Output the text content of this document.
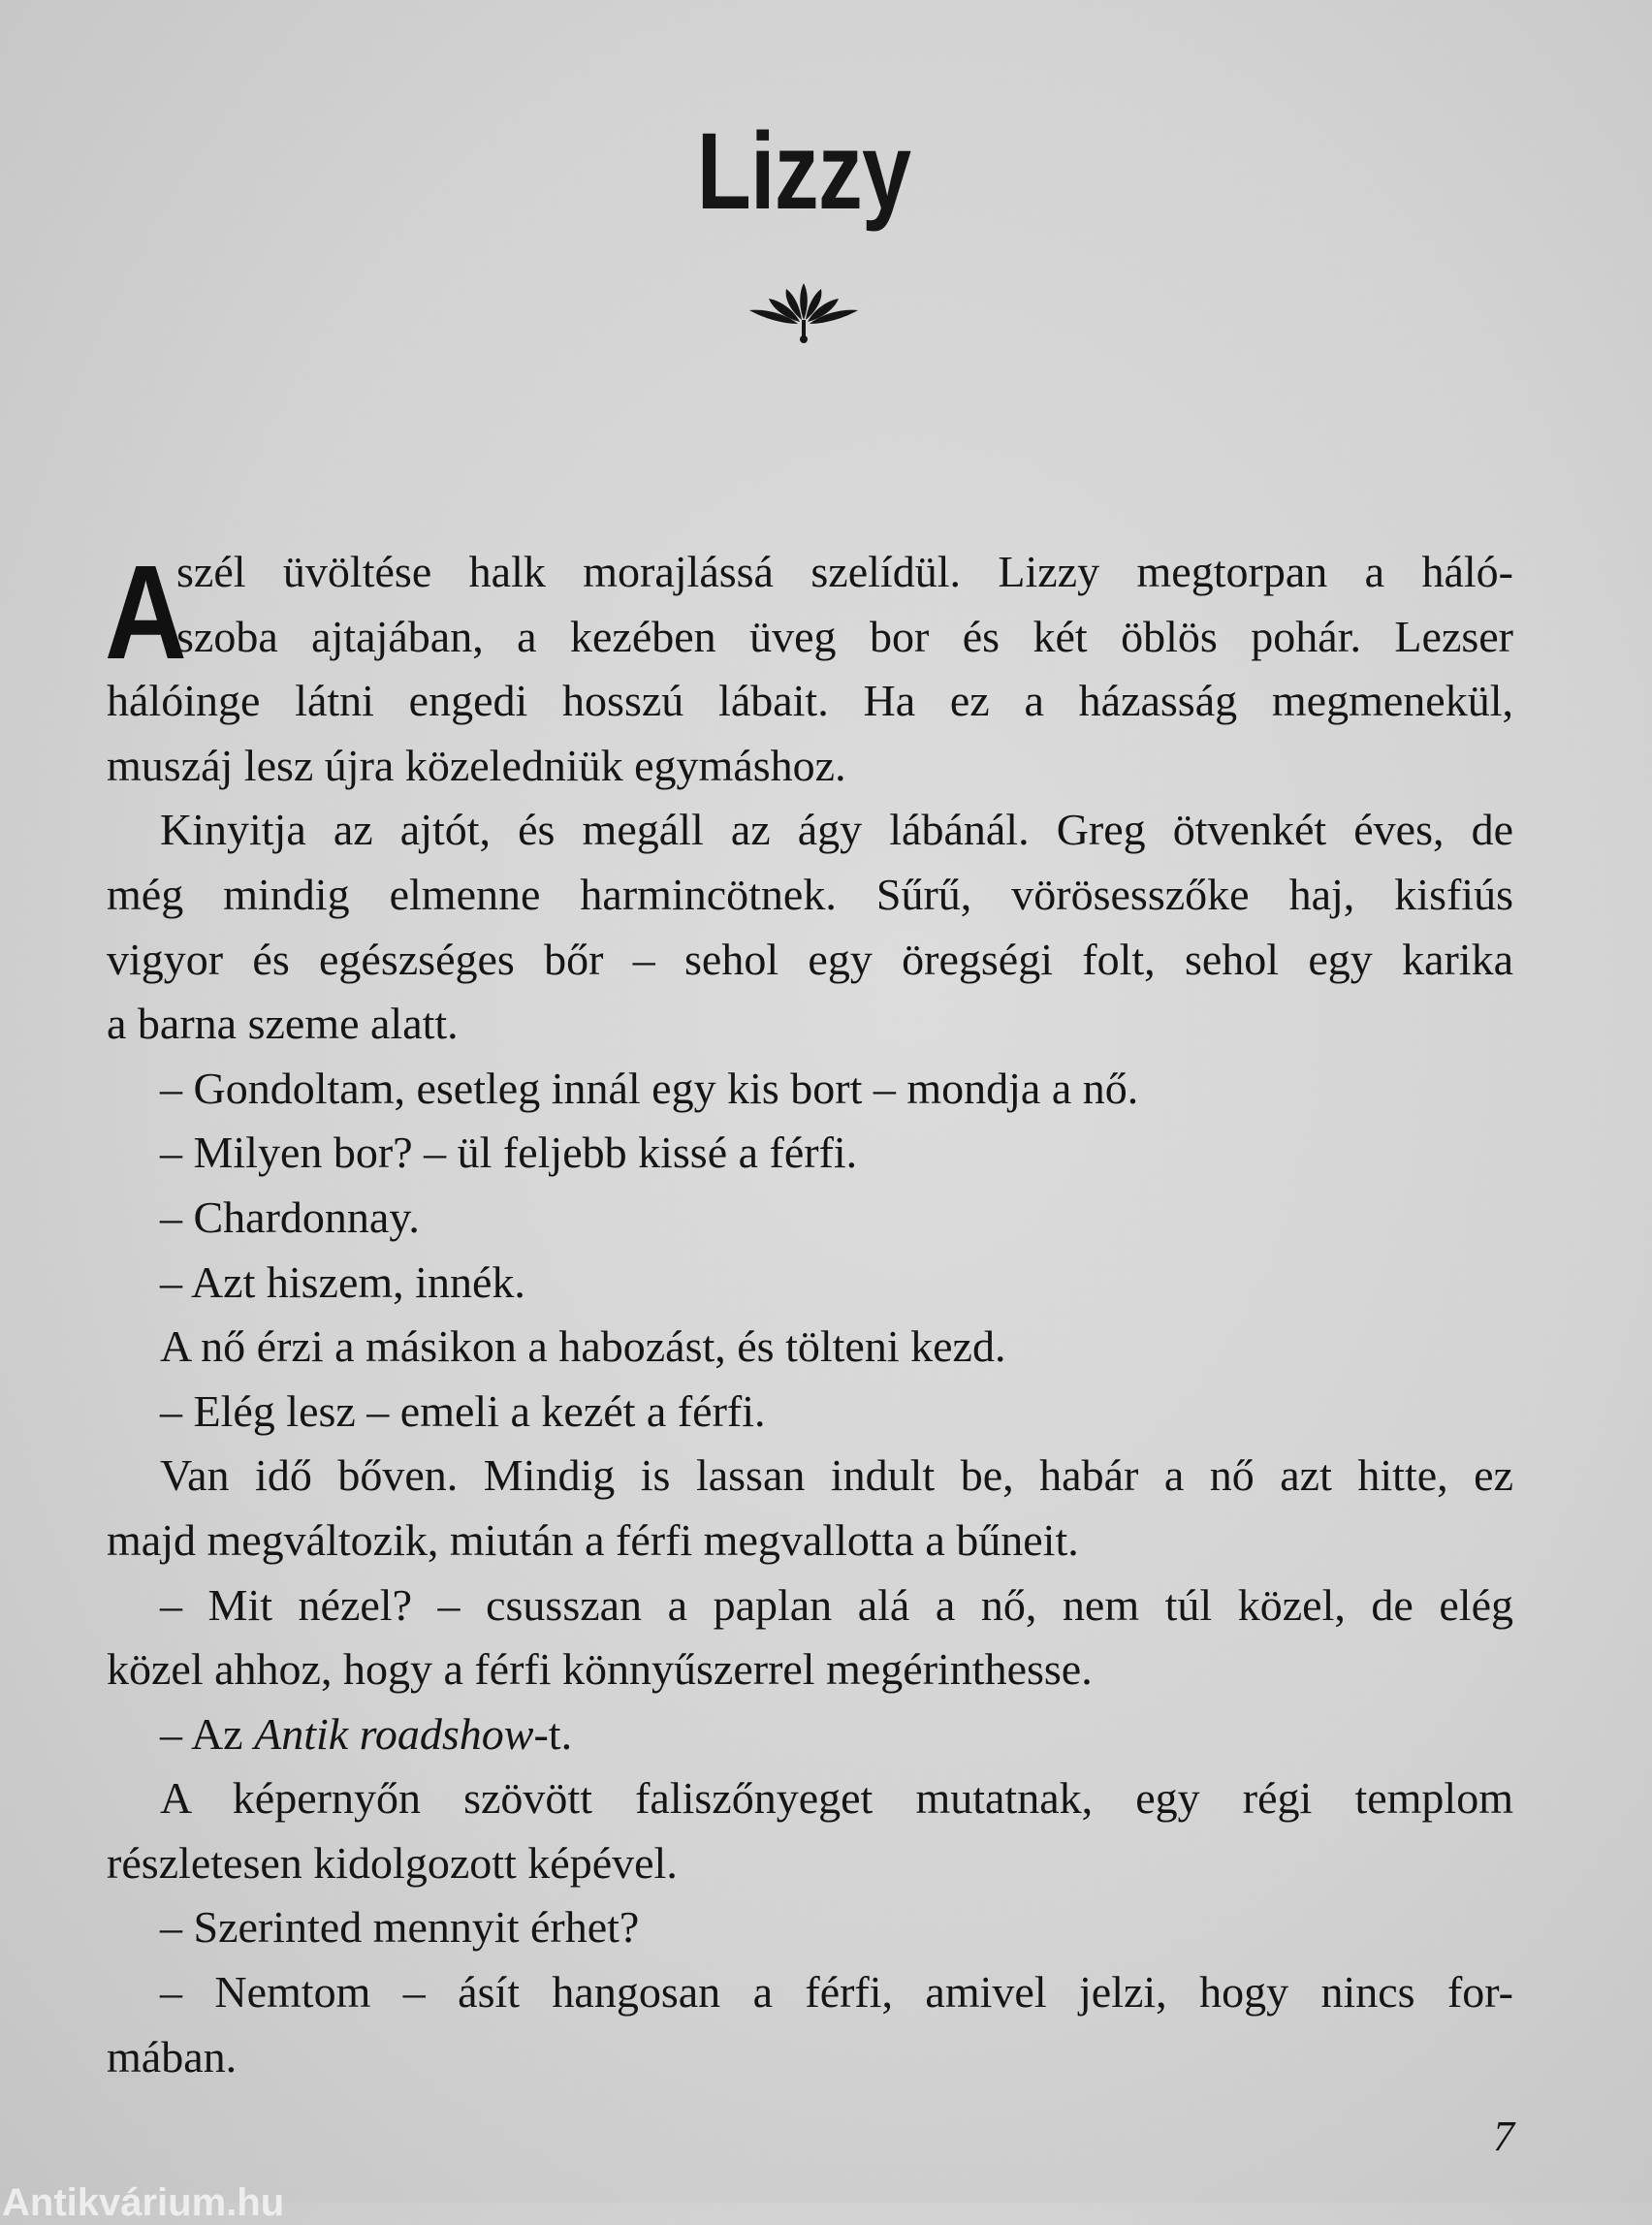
Lizzy
A
szél üvöltése halk morajlássá szelídül. Lizzy megtorpan a háló-
szoba ajtajában, a kezében üveg bor és két öblös pohár. Lezser
hálóinge látni engedi hosszú lábait. Ha ez a házasság megmenekül,
muszáj lesz újra közeledniük egymáshoz.
Kinyitja az ajtót, és megáll az ágy lábánál. Greg ötvenkét éves, de
még mindig elmenne harmincötnek. Sűrű, vörösesszőke haj, kisfiús
vigyor és egészséges bőr – sehol egy öregségi folt, sehol egy karika
a barna szeme alatt.
– Gondoltam, esetleg innál egy kis bort – mondja a nő.
– Milyen bor? – ül feljebb kissé a férfi.
– Chardonnay.
– Azt hiszem, innék.
A nő érzi a másikon a habozást, és tölteni kezd.
– Elég lesz – emeli a kezét a férfi.
Van idő bőven. Mindig is lassan indult be, habár a nő azt hitte, ez
majd megváltozik, miután a férfi megvallotta a bűneit.
– Mit nézel? – csusszan a paplan alá a nő, nem túl közel, de elég
közel ahhoz, hogy a férfi könnyűszerrel megérinthesse.
– Az Antik roadshow-t.
A képernyőn szövött faliszőnyeget mutatnak, egy régi templom
részletesen kidolgozott képével.
– Szerinted mennyit érhet?
– Nemtom – ásít hangosan a férfi, amivel jelzi, hogy nincs for-
mában.
7
Antikvárium.hu
